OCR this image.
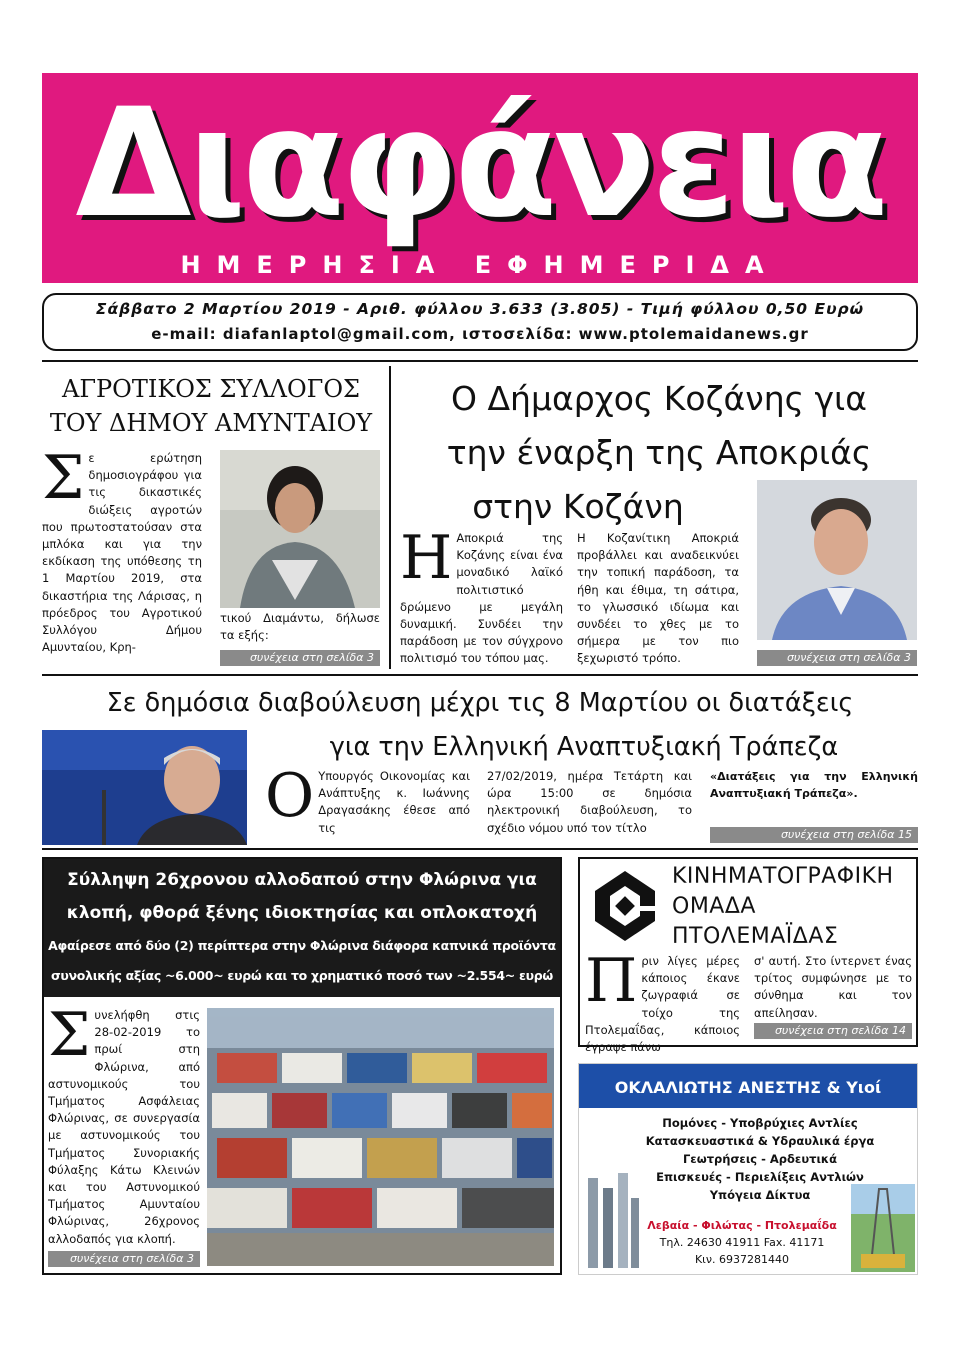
Διαφάνεια
ΗΜΕΡΗΣΙΑ ΕΦΗΜΕΡΙΔΑ
Σάββατο 2 Μαρτίου 2019 - Αριθ. φύλλου 3.633 (3.805) - Τιμή φύλλου 0,50 Ευρώ
e-mail: diafanlaptol@gmail.com, ιστοσελίδα: www.ptolemaidanews.gr
ΑΓΡΟΤΙΚΟΣ ΣΥΛΛΟΓΟΣ
ΤΟΥ ΔΗΜΟΥ ΑΜΥΝΤΑΙΟΥ
Σε ερώτηση δημοσιογράφου για τις δικαστικές διώξεις αγροτών που πρωτοστατούσαν στα μπλόκα και για την εκδίκαση της υπόθεσης τη 1 Μαρτίου 2019, στα δικαστήρια της Λάρισας, η πρόεδρος του Αγροτικού Συλλόγου Δήμου Αμυνταίου, Κρη-
τικού Διαμάντω, δήλωσε τα εξής:
συνέχεια στη σελίδα 3
Ο Δήμαρχος Κοζάνης για
την έναρξη της Αποκριάς
στην Κοζάνη
Η Αποκριά της Κοζάνης είναι ένα μοναδικό λαϊκό πολιτιστικό δρώμενο με μεγάλη δυναμική. Συνδέει την παράδοση με τον σύγχρονο πολιτισμό του τόπου μας.
Η Κοζανίτικη Αποκριά προβάλλει και αναδεικνύει την τοπική παράδοση, τα ήθη και έθιμα, τη σάτιρα, το γλωσσικό ιδίωμα και συνδέει το χθες με το σήμερα με τον πιο ξεχωριστό τρόπο.	συνέχεια στη σελίδα 3
Σε δημόσια διαβούλευση μέχρι τις 8 Μαρτίου οι διατάξεις
για την Ελληνική Αναπτυξιακή Τράπεζα
Ο Υπουργός Οικονομίας και Ανάπτυξης κ. Ιωάννης Δραγασάκης έθεσε από τις
27/02/2019, ημέρα Τετάρτη και ώρα 15:00 σε δημόσια ηλεκτρονική διαβούλευση, το σχέδιο νόμου υπό τον τίτλο
«Διατάξεις για την Ελληνική Αναπτυξιακή Τράπεζα».
συνέχεια στη σελίδα 15
Σύλληψη 26χρονου αλλοδαπού στην Φλώρινα για
κλοπή, φθορά ξένης ιδιοκτησίας και οπλοκατοχή
Αφαίρεσε από δύο (2) περίπτερα στην Φλώρινα διάφορα καπνικά προϊόντα
συνολικής αξίας ~6.000~ ευρώ και το χρηματικό ποσό των ~2.554~ ευρώ
Συνελήφθη στις 28-02-2019 το πρωί στη Φλώρινα, από αστυνομικούς του Τμήματος Ασφάλειας Φλώρινας, σε συνεργασία με αστυνομικούς του Τμήματος Συνοριακής Φύλαξης Κάτω Κλεινών και του Αστυνομικού Τμήματος Αμυνταίου Φλώρινας, 26χρονος αλλοδαπός για κλοπή.
συνέχεια στη σελίδα 3
ΚΙΝΗΜΑΤΟΓΡΑΦΙΚΗ
ΟΜΑΔΑ
ΠΤΟΛΕΜΑΪΔΑΣ
Πριν λίγες μέρες κάποιος έκανε ζωγραφιά σε τοίχο της Πτολεμαΐδας, κάποιος έγραψε πάνω
σ' αυτή. Στο ίντερνετ ένας τρίτος συμφώνησε με το σύνθημα και τον απείλησαν.
συνέχεια στη σελίδα 14
ΟΚΛΑΛΙΩΤΗΣ ΑΝΕΣΤΗΣ & Υιοί
Πομόνες - Υποβρύχιες Αντλίες
Κατασκευαστικά & Υδραυλικά έργα
Γεωτρήσεις - Αρδευτικά
Επισκευές - Περιελίξεις Αντλιών
Υπόγεια Δίκτυα
Λεβαία - Φιλώτας - Πτολεμαΐδα
Τηλ. 24630 41911 Fax. 41171
Κιν. 6937281440
